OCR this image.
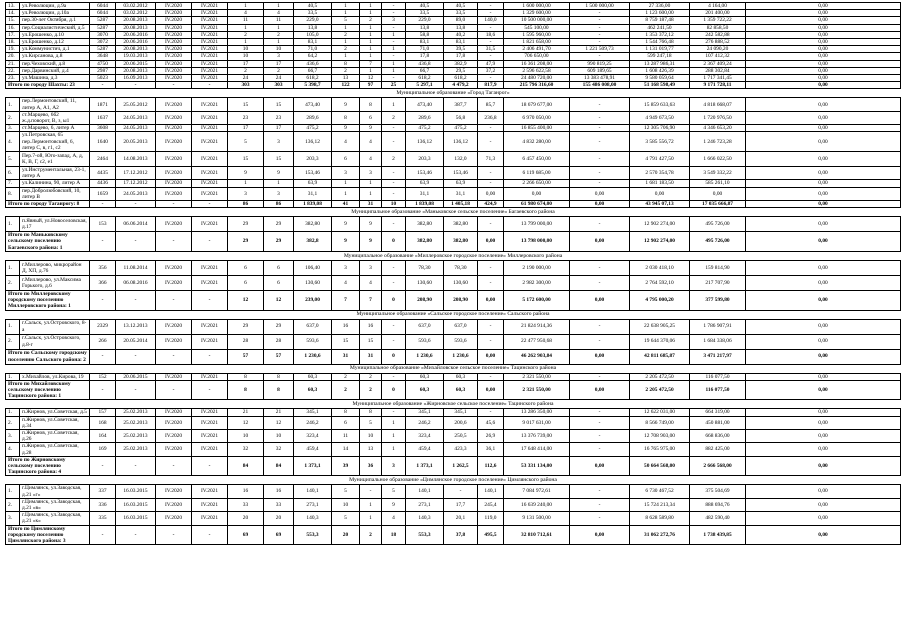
13.	ул.Революции, д.9а	6044	03.02.2012	IV.2020	IV.2021	1	1	40,5	1	1	-	40,5	40,5	-	1 600 000,00	1 500 000,00	27 336,00	4 164,00	0,00
14.	ул.Революции, д.10а	6044	03.02.2012	IV.2020	IV.2021	4	4	33,5	1	1	-	33,5	33,5	-	1 329 600,00	-	1 123 600,00	201 400,00	0,00
15.	пер.30-лет Октября, д.1	5287	20.08.2013	IV.2020	IV.2021	11	11	229,0	5	2	3	229,0	89,0	140,0	10 500 000,00	-	8 759 187,48	1 359 722,22	0,00
16.	пер.Социалистический, д.5	5287	20.08.2013	IV.2020	IV.2021	1	1	13,8	1	1	-	13,8	13,8	-	545 100,00	-	462 241,50	82 858,50	0,00
17.	ул.Ерошенко, д.10	3070	20.06.2016	IV.2020	IV.2021	2	2	105,0	2	1	1	58,8	40,2	18,6	1 595 960,00	-	1 353 372,12	242 582,88	0,00
18.	ул.Ерошенко, д.12	3072	20.06.2016	IV.2020	IV.2021	1	1	83,1	1	1	-	83,1	83,1	-	1 821 658,00	-	1 544 766,48	276 888,52	0,00
19.	ул.Коммунистич, д.1	5287	20.08.2013	IV.2020	IV.2021	10	10	71,0	2	1	1	71,0	39,5	31,5	2 406 491,70	1 221 509,73	1 131 019,77	24 090,20	0,00
20.	ул.Кирсанова, д.8	3648	19.03.2013	IV.2020	IV.2021	10	3	64,2	1	1	-	17,8	17,8	-	706 650,00	-	599 247,18	107 412,32	0,00
21.	пер.Чеховский, д.8	4750	20.06.2015	IV.2020	IV.2021	17	17	436,6	8	7	1	436,8	382,9	47,9	16 361 208,00	990 819,25	13 287 986,31	2 367 409,24	0,00
22.	пер.Дарвинский, д.4	2987	20.08.2013	IV.2020	IV.2021	2	2	66,7	2	1	1	66,7	29,5	37,2	2 596 622,58	609 189,65	1 608 426,39	288 302,84	0,00
23.	ул.Машина, д.3	5023	16.09.2013	IV.2020	IV.2021	24	24	618,2	13	12	-	618,2	618,2	-	24 480 720,00	13 383 478,91	9 580 059,64	1 717 341,45	0,00
Итого по городу Шахты: 23		-	-	-	-	303	303	5 398,7	122	97	25	5 297,1	4 479,2	817,9	215 796 316,60	155 486 008,00	51 168 598,49	9 171 728,11	0,00
Муниципальное образование «Город Таганрог»																			
1.	пер.Лермонтовский, 11, литер А, А1, А2	1871	25.05.2012	IV.2020	IV.2021	15	15	473,40	9	8	1	473,40	387,7	85,7	18 679 677,00	-	15 859 633,63	4 818 668,07	0,00
2.	ст.Марцево, 6б2 ж.д.поворот, В, з, ы1	1637	24.05.2013	IV.2020	IV.2021	23	23	289,6	8	6	2	289,6	56,8	236,8	6 970 050,00	-	4 949 673,50	1 720 976,50	0,00
3.	ст.Марцево, 6, литер А	3608	24.05.2013	IV.2020	IV.2021	17	17	475,2	9	9	-	475,2	475,2	-	16 855 400,00	-	12 305 706,90	4 346 653,20	0,00
4.	ул.Петровская, 65 пер.Лермонтовский, 6, литер С, в, г1, с2	1640	20.05.2013	IV.2020	IV.2021	5	3	136,12	4	4	-	136,12	136,12	-	4 832 280,00	-	3 585 556,72	1 246 723,28	0,00
5.	Пер.7-ой, Юго-запад, А, д, К, В, Г, с2, е1	2464	14.08.2013	IV.2020	IV.2021	15	15	203,3	6	4	2	203,3	132,0	71,3	6 457 450,00	-	4 791 427,50	1 666 022,50	0,00
6.	ул.Инструментальная, 23-1, литер А	4435	17.12.2012	IV.2020	IV.2021	9	9	153,46	3	3	-	153,46	153,46	-	6 119 685,00	-	2 570 354,78	3 549 332,22	0,00
7.	ул.Калинина, 90, литер А	4436	17.12.2012	IV.2020	IV.2021	1	1	63,9	1	1	-	63,9	63,9	-	2 266 650,00	-	1 681 183,50	585 261,10	0,00
8.	пер.Добролюбовский, 10, литер В	1659	24.05.2013	IV.2020	IV.2021	3	3	31,1	1	1	-	31,1	31,1	0,00	0,00	0,00	0,00	0,00	0,00
Итого по городу Таганрогу: 8		-	-	-	-	86	86	1 839,08	41	31	10	1 839,08	1 405,18	424,9	61 980 674,00	0,00	43 945 07,13	17 035 666,87	0,00
Муниципальное образование «Маньковское сельское поселение» Багаевского района																			
1.	п.Явный, ул.Новоселовская, д.17	153	06.06.2014	IV.2020	IV.2021	29	29	382,80	9	9	-	382,80	382,80	-	13 799 000,00	-	12 902 274,00	495 726,00	0,00
Итого по Маньковскому сельскому поселению Багаевского района: 1		-	-	-	-	29	29	382,8	9	9	0	382,80	382,80	0,00	13 798 000,00	0,00	12 902 274,00	495 726,00	0,00
Муниципальное образование «Миллеровское городское поселение» Миллеровского района																			
1.	г.Миллерово, микрорайон Д, ХП, д.76	356	11.08.2014	IV.2020	IV.2021	6	6	106,40	3	3	-	78,30	78,30	-	2 190 000,00	-	2 030 418,10	159 814,90	0,00
2.	г.Миллерово, ул.Максима Горького, д.6	366	06.08.2016	IV.2020	IV.2021	6	6	130,60	4	4	-	130,60	130,60	-	2 982 300,00	-	2 764 592,10	217 707,90	0,00
Итого по Миллеровскому городскому поселению Миллеровского района: 1		-	-	-	-	12	12	239,00	7	7	0	208,90	208,90	0,00	5 172 600,00	0,00	4 795 000,20	377 599,80	0,00
Муниципальное образование «Сальское городское поселение» Сальского района																			
1.	г.Сальск, ул.Островского, 8-а	2329	13.12.2013	IV.2020	IV.2021	29	29	637,0	16	16	-	637,0	637,0	-	21 824 914,36	-	22 638 905,25	1 786 907,91	0,00
2.	г.Сальск, ул.Островского, д.8-г	266	20.05.2014	IV.2020	IV.2021	28	28	593,6	15	15	-	593,6	593,6	-	22 477 950,68	-	19 644 370,06	1 684 338,06	0,00
Итого по Сальскому городскому поселению Сальского района: 2		-	-	-	-	57	57	1 230,6	31	31	0	1 230,6	1 230,6	0,00	46 262 903,84	0,00	42 811 685,87	3 471 217,97	0,00
Муниципальное образование «Михайловское сельское поселение» Тацинского района																			
1.	х.Михайлов, ул.Кирова, 19	152	20.06.2015	IV.2020	IV.2021	8	8	60,3	2	2	-	60,3	60,3	-	2 321 550,00	-	2 205 472,50	116 077,50	0,00
Итого по Михайловскому сельскому поселению Тацинского района: 1		-	-	-	-	8	8	60,3	2	2	0	60,3	60,3	0,00	2 321 550,00	0,00	2 205 472,50	116 077,50	0,00
Муниципальное образование «Жирновское сельское поселение» Тацинского района																			
1.	п.Жирнов, ул.Советская, д.5	157	25.02.2013	IV.2020	IV.2021	21	21	345,1	8	8	-	345,1	345,1	-	13 286 350,00	-	12 622 031,00	664 319,00	0,00
2.	п.Жирнов, ул.Советская, д.34	168	25.02.2013	IV.2020	IV.2021	12	12	246,2	6	5	1	246,2	200,6	45,6	9 017 631,00	-	8 566 749,00	450 881,00	0,00
3.	п.Жирнов, ул.Советская, д.26	164	25.02.2013	IV.2020	IV.2021	10	10	323,4	11	10	1	323,4	250,5	26,9	13 376 739,00	-	12 708 903,00	668 836,00	0,00
4.	п.Жирнов, ул.Советская, д.28	169	25.02.2013	IV.2020	IV.2021	32	32	459,4	14	13	1	459,4	423,3	36,1	17 648 414,00	-	16 765 975,00	882 425,00	0,00
Итого по Жирновскому сельскому поселению Тацинского района: 4		-	-	-	-	84	84	1 373,1	39	36	3	1 373,1	1 262,5	112,6	53 331 134,00	0,00	50 664 568,00	2 666 568,00	0,00
Муниципальное образование «Цимлянское городское поселение» Цимлянского района																			
1.	г.Цимлянск, ул.Заводская, д.21 «г»	337	16.03.2015	IV.2020	IV.2021	16	16	140,1	5	-	5	140,1	-	140,1	7 084 972,61	-	6 730 467,52	375 504,69	0,00
2.	г.Цимлянск, ул.Заводская, д.21 «в»	336	16.03.2015	IV.2020	IV.2021	33	33	273,1	10	1	9	273,1	17,7	245,4	16 639 240,00	-	15 724 213,34	888 694,76	0,00
3.	г.Цимлянск, ул.Заводская, д.21 «к»	335	16.03.2015	IV.2020	IV.2021	20	20	140,3	5	1	4	140,3	20,1	119,0	9 131 500,00	-	8 628 589,80	482 590,40	0,00
Итого по Цимлянскому городскому поселению Цимлянского района: 3		-	-	-	-	69	69	553,3	20	2	18	553,3	37,8	495,5	32 810 712,61	0,00	31 062 272,76	1 738 439,85	0,00
